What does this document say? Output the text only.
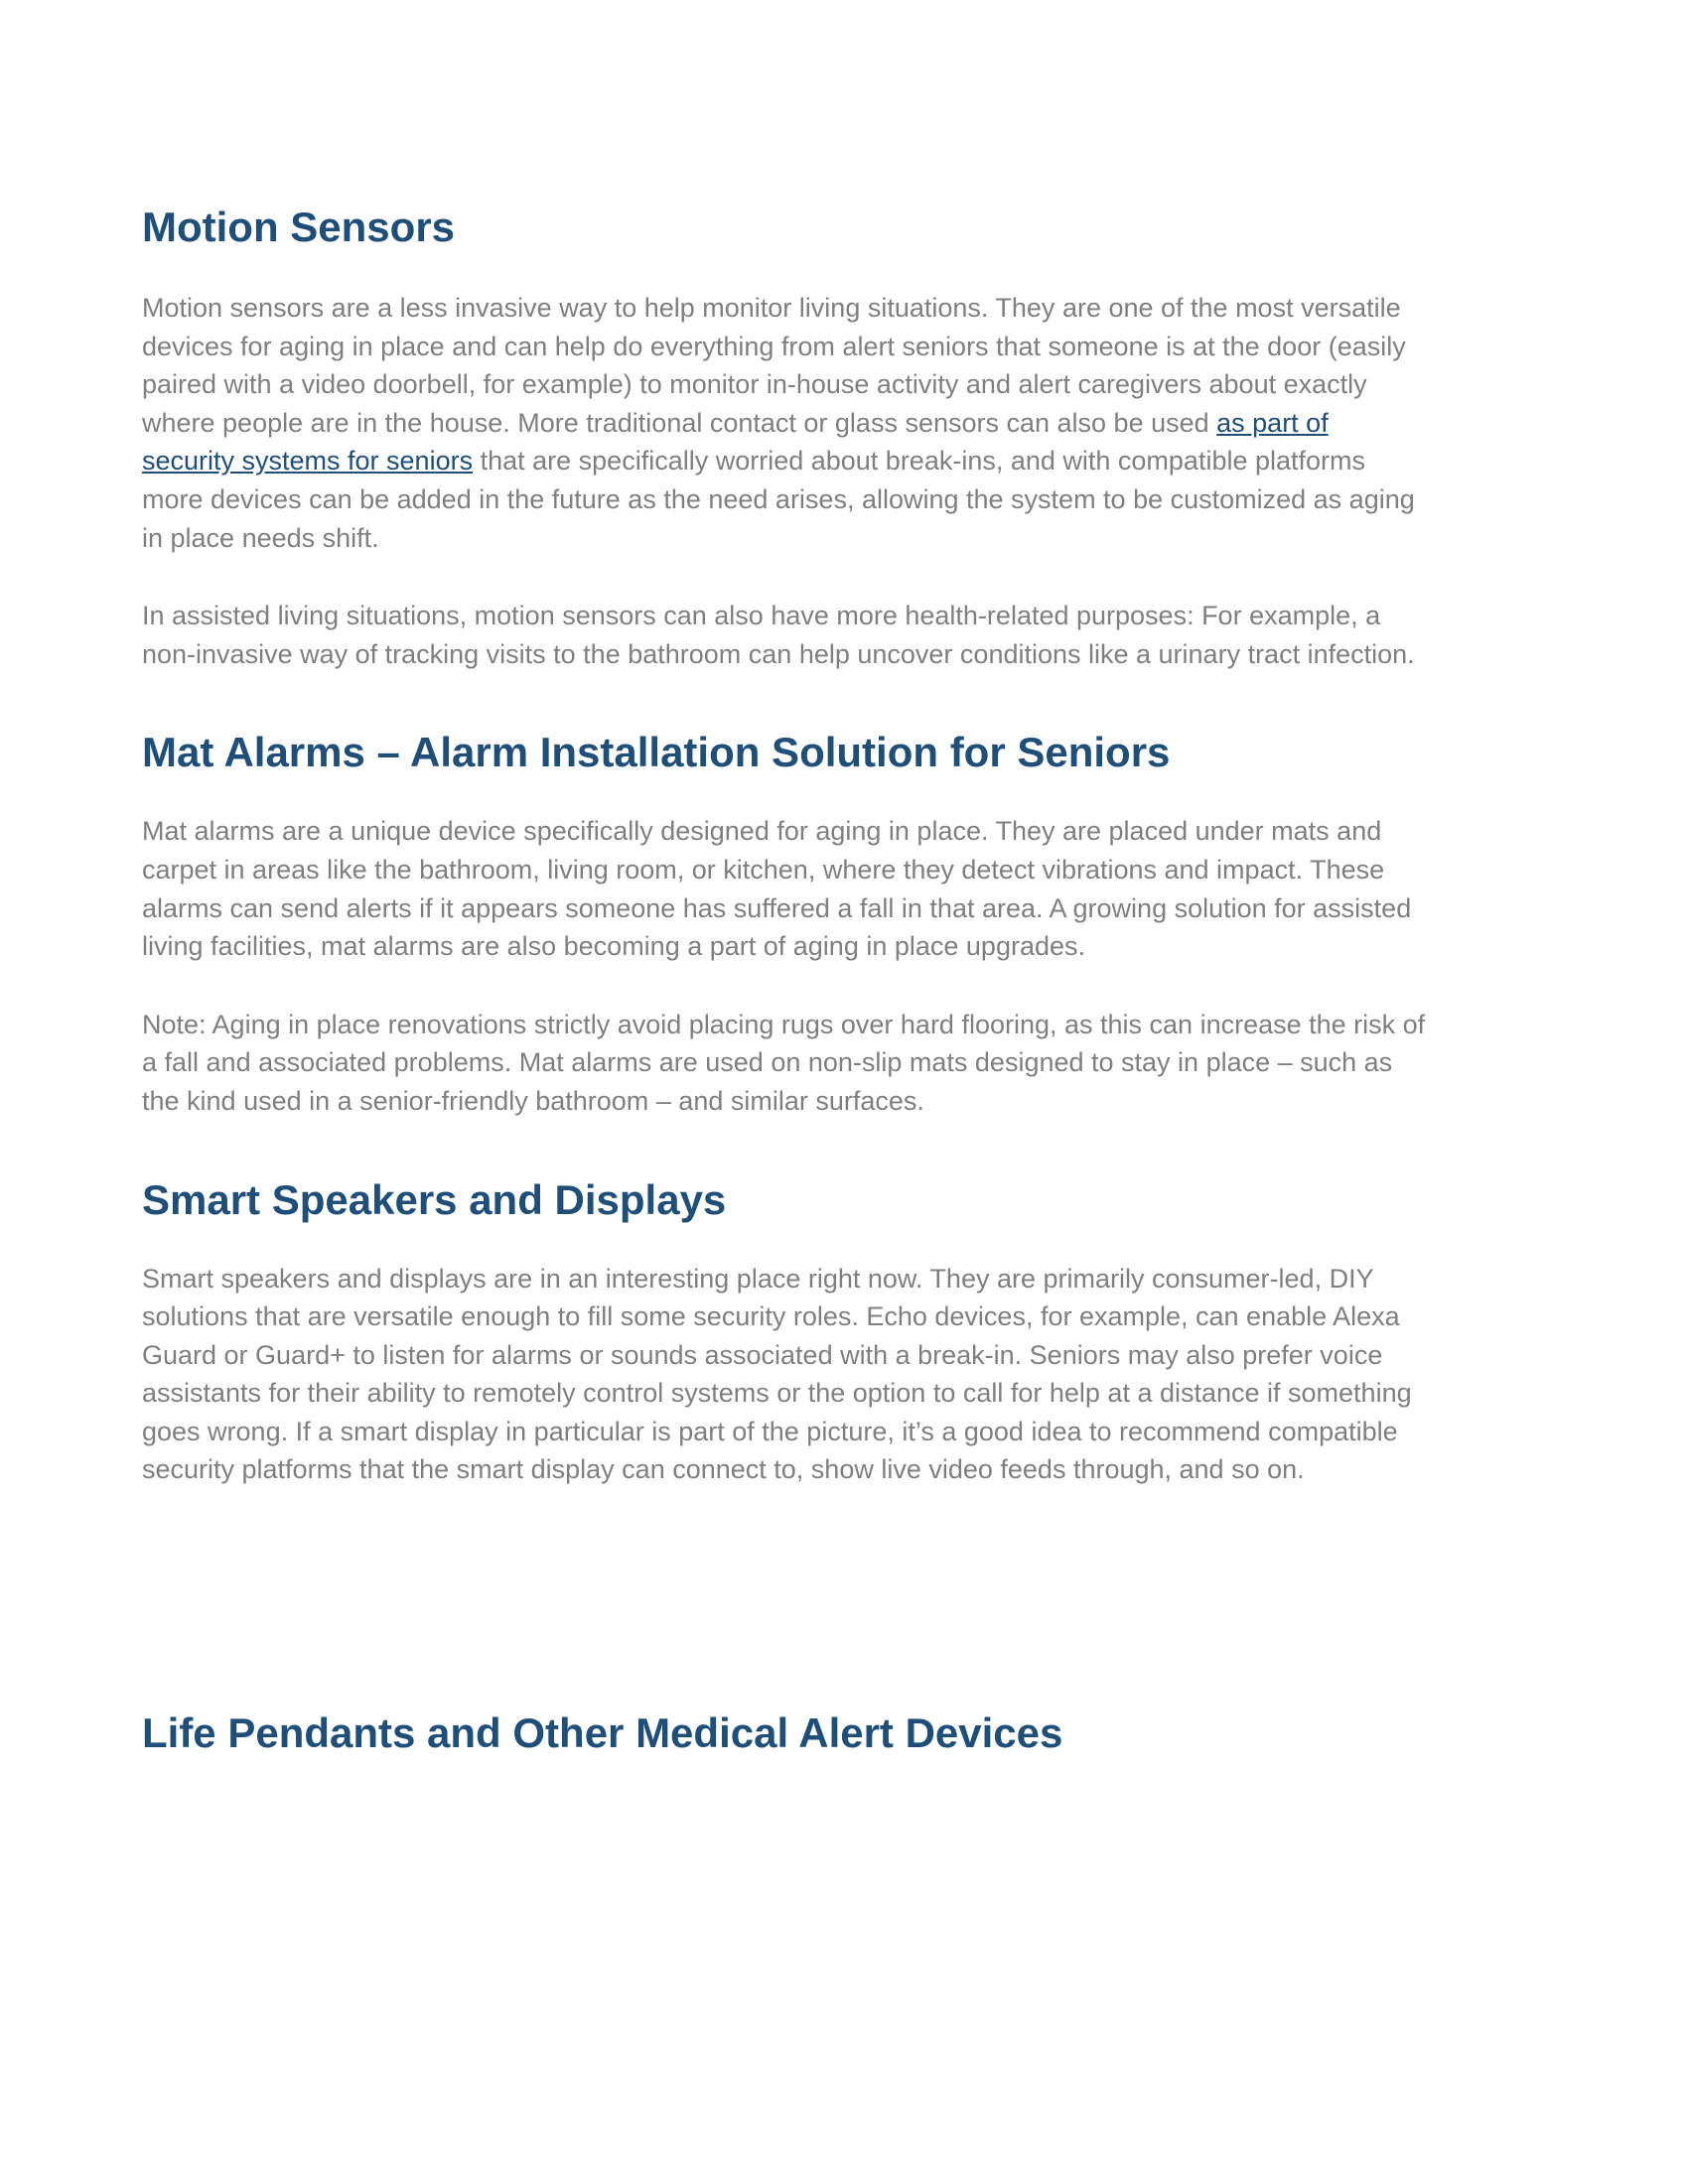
Motion Sensors

Motion sensors are a less invasive way to help monitor living situations. They are one of the most versatile devices for aging in place and can help do everything from alert seniors that someone is at the door (easily paired with a video doorbell, for example) to monitor in-house activity and alert caregivers about exactly where people are in the house. More traditional contact or glass sensors can also be used as part of security systems for seniors that are specifically worried about break-ins, and with compatible platforms more devices can be added in the future as the need arises, allowing the system to be customized as aging in place needs shift.

In assisted living situations, motion sensors can also have more health-related purposes: For example, a non-invasive way of tracking visits to the bathroom can help uncover conditions like a urinary tract infection.

Mat Alarms – Alarm Installation Solution for Seniors

Mat alarms are a unique device specifically designed for aging in place. They are placed under mats and carpet in areas like the bathroom, living room, or kitchen, where they detect vibrations and impact. These alarms can send alerts if it appears someone has suffered a fall in that area. A growing solution for assisted living facilities, mat alarms are also becoming a part of aging in place upgrades.

Note: Aging in place renovations strictly avoid placing rugs over hard flooring, as this can increase the risk of a fall and associated problems. Mat alarms are used on non-slip mats designed to stay in place – such as the kind used in a senior-friendly bathroom – and similar surfaces.

Smart Speakers and Displays

Smart speakers and displays are in an interesting place right now. They are primarily consumer-led, DIY solutions that are versatile enough to fill some security roles. Echo devices, for example, can enable Alexa Guard or Guard+ to listen for alarms or sounds associated with a break-in. Seniors may also prefer voice assistants for their ability to remotely control systems or the option to call for help at a distance if something goes wrong. If a smart display in particular is part of the picture, it’s a good idea to recommend compatible security platforms that the smart display can connect to, show live video feeds through, and so on.

Life Pendants and Other Medical Alert Devices
